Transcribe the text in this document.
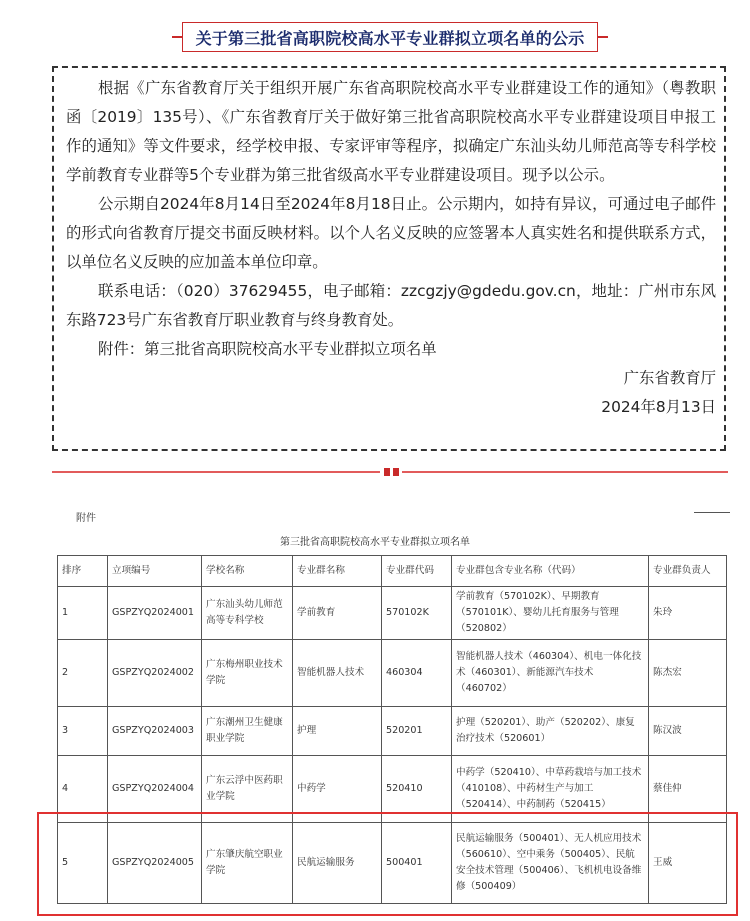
关于第三批省高职院校高水平专业群拟立项名单的公示

根据《广东省教育厅关于组织开展广东省高职院校高水平专业群建设工作的通知》（粤教职函〔2019〕135号）、《广东省教育厅关于做好第三批省高职院校高水平专业群建设项目申报工作的通知》等文件要求，经学校申报、专家评审等程序，拟确定广东汕头幼儿师范高等专科学校学前教育专业群等5个专业群为第三批省级高水平专业群建设项目。现予以公示。

公示期自2024年8月14日至2024年8月18日止。公示期内，如持有异议，可通过电子邮件的形式向省教育厅提交书面反映材料。以个人名义反映的应签署本人真实姓名和提供联系方式，以单位名义反映的应加盖本单位印章。

联系电话：（020）37629455，电子邮箱：zzcgzjy@gdedu.gov.cn，地址：广州市东风东路723号广东省教育厅职业教育与终身教育处。

附件：第三批省高职院校高水平专业群拟立项名单

广东省教育厅

2024年8月13日

附件
第三批省高职院校高水平专业群拟立项名单
排序	立项编号	学校名称	专业群名称	专业群代码	专业群包含专业名称（代码）	专业群负责人
1	GSPZYQ2024001	广东汕头幼儿师范高等专科学校	学前教育	570102K	学前教育（570102K）、早期教育（570101K）、婴幼儿托育服务与管理（520802）	朱玲
2	GSPZYQ2024002	广东梅州职业技术学院	智能机器人技术	460304	智能机器人技术（460304）、机电一体化技术（460301）、新能源汽车技术（460702）	陈杰宏
3	GSPZYQ2024003	广东潮州卫生健康职业学院	护理	520201	护理（520201）、助产（520202）、康复治疗技术（520601）	陈汉波
4	GSPZYQ2024004	广东云浮中医药职业学院	中药学	520410	中药学（520410）、中草药栽培与加工技术（410108）、中药材生产与加工（520414）、中药制药（520415）	蔡佳仲
5	GSPZYQ2024005	广东肇庆航空职业学院	民航运输服务	500401	民航运输服务（500401）、无人机应用技术（560610）、空中乘务（500405）、民航安全技术管理（500406）、飞机机电设备维修（500409）	王威
